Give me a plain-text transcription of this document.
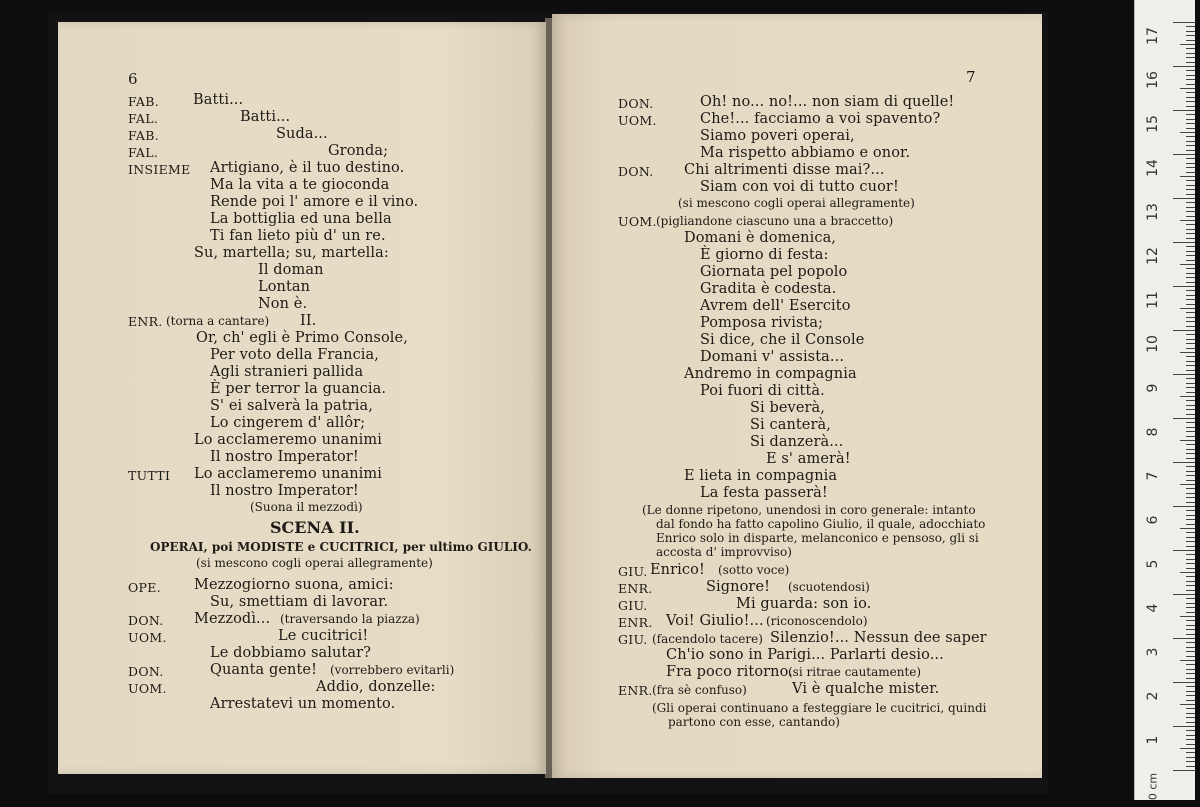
6
FAB. Batti...
FAL.	Batti...
FAB.	Suda...
FAL.	Gronda;
INSIEME Artigiano, è il tuo destino.
Ma la vita a te gioconda
Rende poi l' amore e il vino.
La bottiglia ed una bella
Ti fan lieto più d' un re.
Su, martella; su, martella:
Il doman
Lontan
Non è.
ENR. (torna a cantare) II.
Or, ch' egli è Primo Console,
Per voto della Francia,
Agli stranieri pallida
È per terror la guancia.
S' ei salverà la patria,
Lo cingerem d' allôr;
Lo acclameremo unanimi
Il nostro Imperator!
TUTTI Lo acclameremo unanimi
Il nostro Imperator!
(Suona il mezzodì)
SCENA II.
OPERAI, poi MODISTE e CUCITRICI, per ultimo GIULIO.
(si mescono cogli operai allegramente)
OPE. Mezzogiorno suona, amici:
Su, smettiam di lavorar.
DON. Mezzodì... (traversando la piazza)
UOM.	Le cucitrici!
Le dobbiamo salutar?
DON.	Quanta gente! (vorrebbero evitarli)
UOM.	Addio, donzelle:
Arrestatevi un momento.
7
DON.	Oh! no... no!... non siam di quelle!
UOM.	Che!... facciamo a voi spavento?
Siamo poveri operai,
Ma rispetto abbiamo e onor.
DON. Chi altrimenti disse mai?...
Siam con voi di tutto cuor!
(si mescono cogli operai allegramente)
UOM. (pigliandone ciascuno una a braccetto)
Domani è domenica,
È giorno di festa:
Giornata pel popolo
Gradita è codesta.
Avrem dell' Esercito
Pomposa rivista;
Si dice, che il Console
Domani v' assista...
Andremo in compagnia
Poi fuori di città.
Si beverà,
Si canterà,
Si danzerà...
E s' amerà!
E lieta in compagnia
La festa passerà!
(Le donne ripetono, unendosi in coro generale: intanto
dal fondo ha fatto capolino Giulio, il quale, adocchiato
Enrico solo in disparte, melanconico e pensoso, gli si
accosta d' improvviso)
GIU. Enrico! (sotto voce)
ENR.	Signore! (scuotendosi)
GIU.	Mi guarda: son io.
ENR. Voi! Giulio!... (riconoscendolo)
GIU. (facendolo tacere) Silenzio!... Nessun dee saper
Ch'io sono in Parigi... Parlarti desio...
Fra poco ritorno.
(si ritrae cautamente)
ENR. (fra sè confuso)	Vi è qualche mister.
(Gli operai continuano a festeggiare le cucitrici, quindi
partono con esse, cantando)
0 cm
1
2
3
4
5
6
7
8
9
10
11
12
13
14
15
16
17
